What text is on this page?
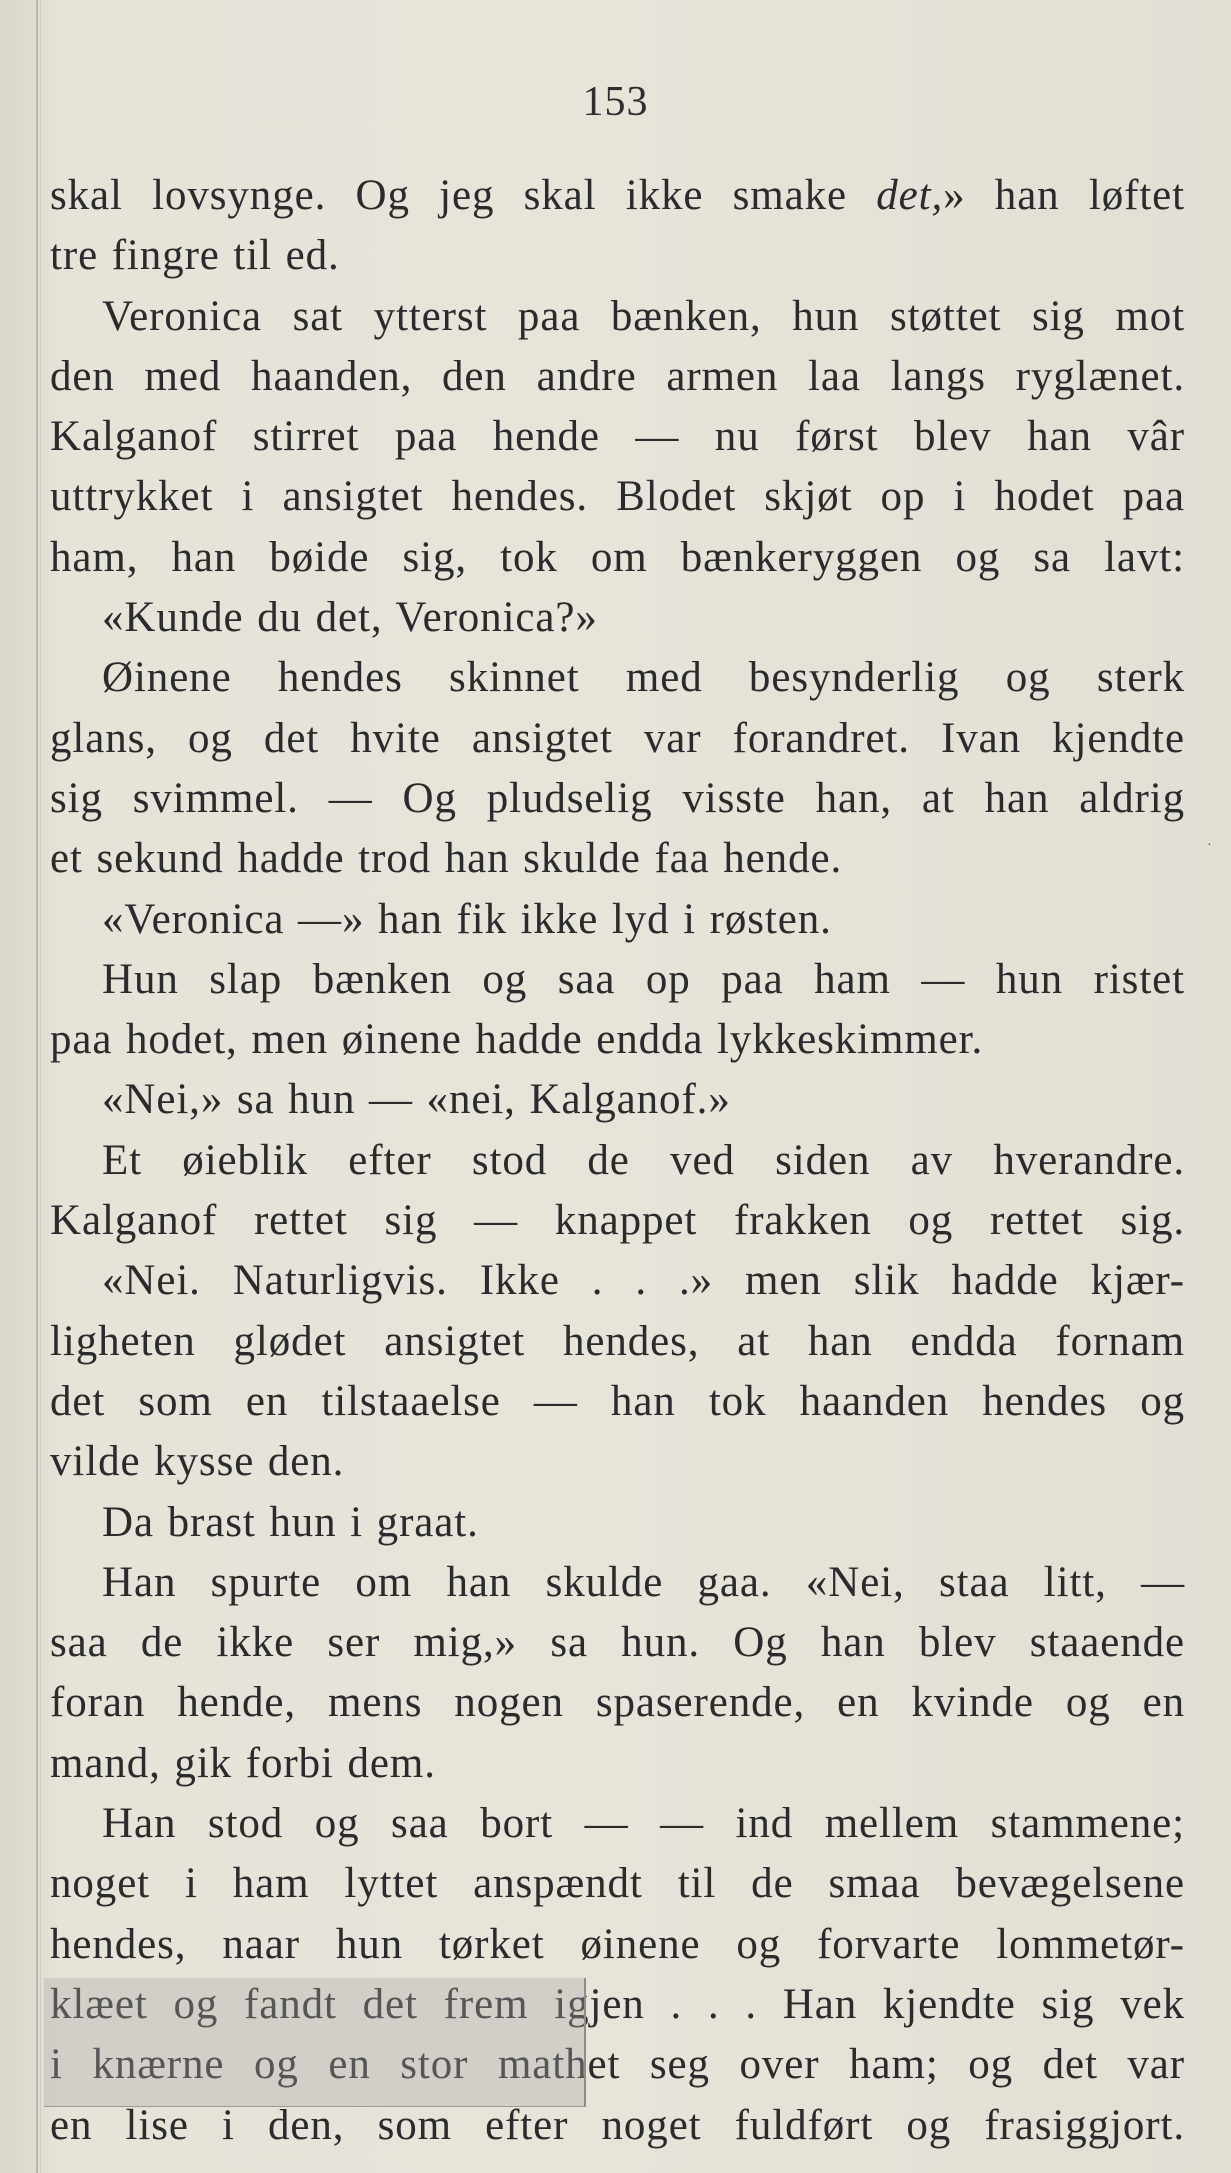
153
skal lovsynge. Og jeg skal ikke smake det,» han løftet
tre fingre til ed.
Veronica sat ytterst paa bænken, hun støttet sig mot
den med haanden, den andre armen laa langs ryglænet.
Kalganof stirret paa hende — nu først blev han vâr
uttrykket i ansigtet hendes. Blodet skjøt op i hodet paa
ham, han bøide sig, tok om bænkeryggen og sa lavt:
«Kunde du det, Veronica?»
Øinene hendes skinnet med besynderlig og sterk
glans, og det hvite ansigtet var forandret. Ivan kjendte
sig svimmel. — Og pludselig visste han, at han aldrig
et sekund hadde trod han skulde faa hende.
«Veronica —» han fik ikke lyd i røsten.
Hun slap bænken og saa op paa ham — hun ristet
paa hodet, men øinene hadde endda lykkeskimmer.
«Nei,» sa hun — «nei, Kalganof.»
Et øieblik efter stod de ved siden av hverandre.
Kalganof rettet sig — knappet frakken og rettet sig.
«Nei. Naturligvis. Ikke . . .» men slik hadde kjær-
ligheten glødet ansigtet hendes, at han endda fornam
det som en tilstaaelse — han tok haanden hendes og
vilde kysse den.
Da brast hun i graat.
Han spurte om han skulde gaa. «Nei, staa litt, —
saa de ikke ser mig,» sa hun. Og han blev staaende
foran hende, mens nogen spaserende, en kvinde og en
mand, gik forbi dem.
Han stod og saa bort — — ind mellem stammene;
noget i ham lyttet anspændt til de smaa bevægelsene
hendes, naar hun tørket øinene og forvarte lommetør-
klæet og fandt det frem igjen . . . Han kjendte sig vek
i knærne og en stor mathet seg over ham; og det var
en lise i den, som efter noget fuldført og frasiggjort.
·
